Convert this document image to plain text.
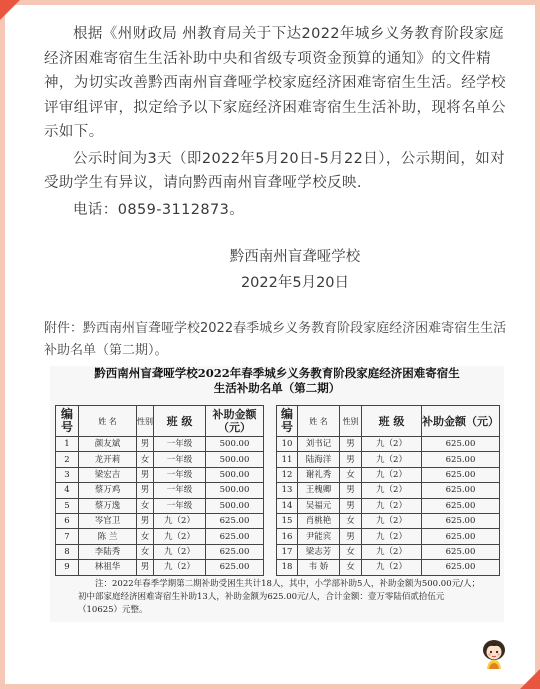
根据《州财政局 州教育局关于下达2022年城乡义务教育阶段家庭经济困难寄宿生生活补助中央和省级专项资金预算的通知》的文件精神，为切实改善黔西南州盲聋哑学校家庭经济困难寄宿生生活。经学校评审组评审，拟定给予以下家庭经济困难寄宿生生活补助，现将名单公示如下。

公示时间为3天（即2022年5月20日-5月22日），公示期间，如对受助学生有异议，请向黔西南州盲聋哑学校反映.

电话：0859-3112873。

黔西南州盲聋哑学校
2022年5月20日
附件：黔西南州盲聋哑学校2022春季城乡义务教育阶段家庭经济困难寄宿生生活补助名单（第二期）。
黔西南州盲聋哑学校2022年春季城乡义务教育阶段家庭经济困难寄宿生
生活补助名单（第二期）
编号	姓 名	性别	班 级	补助金额（元）
1	颜友斌	男	一年级	500.00
2	龙开莉	女	一年级	500.00
3	梁宏吉	男	一年级	500.00
4	蔡万鸡	男	一年级	500.00
5	蔡万逸	女	一年级	500.00
6	岑官卫	男	九（2）	625.00
7	陈 兰	女	九（2）	625.00
8	李陆秀	女	九（2）	625.00
9	林祖华	男	九（2）	625.00
编号	姓 名	性别	班 级	补助金额（元）
10	刘书记	男	九（2）	625.00
11	陆海洋	男	九（2）	625.00
12	谢礼秀	女	九（2）	625.00
13	王槐卿	男	九（2）	625.00
14	吴福元	男	九（2）	625.00
15	肖桃艳	女	九（2）	625.00
16	尹能宾	男	九（2）	625.00
17	梁志芳	女	九（2）	625.00
18	韦 娇	女	九（2）	625.00
注：2022年春季学期第二期补助受困生共计18人，其中，小学部补助5人，补助金额为500.00元/人；初中部家庭经济困难寄宿生补助13人，补助金额为625.00元/人，合计金额：壹万零陆佰贰拾伍元（10625）元整。
